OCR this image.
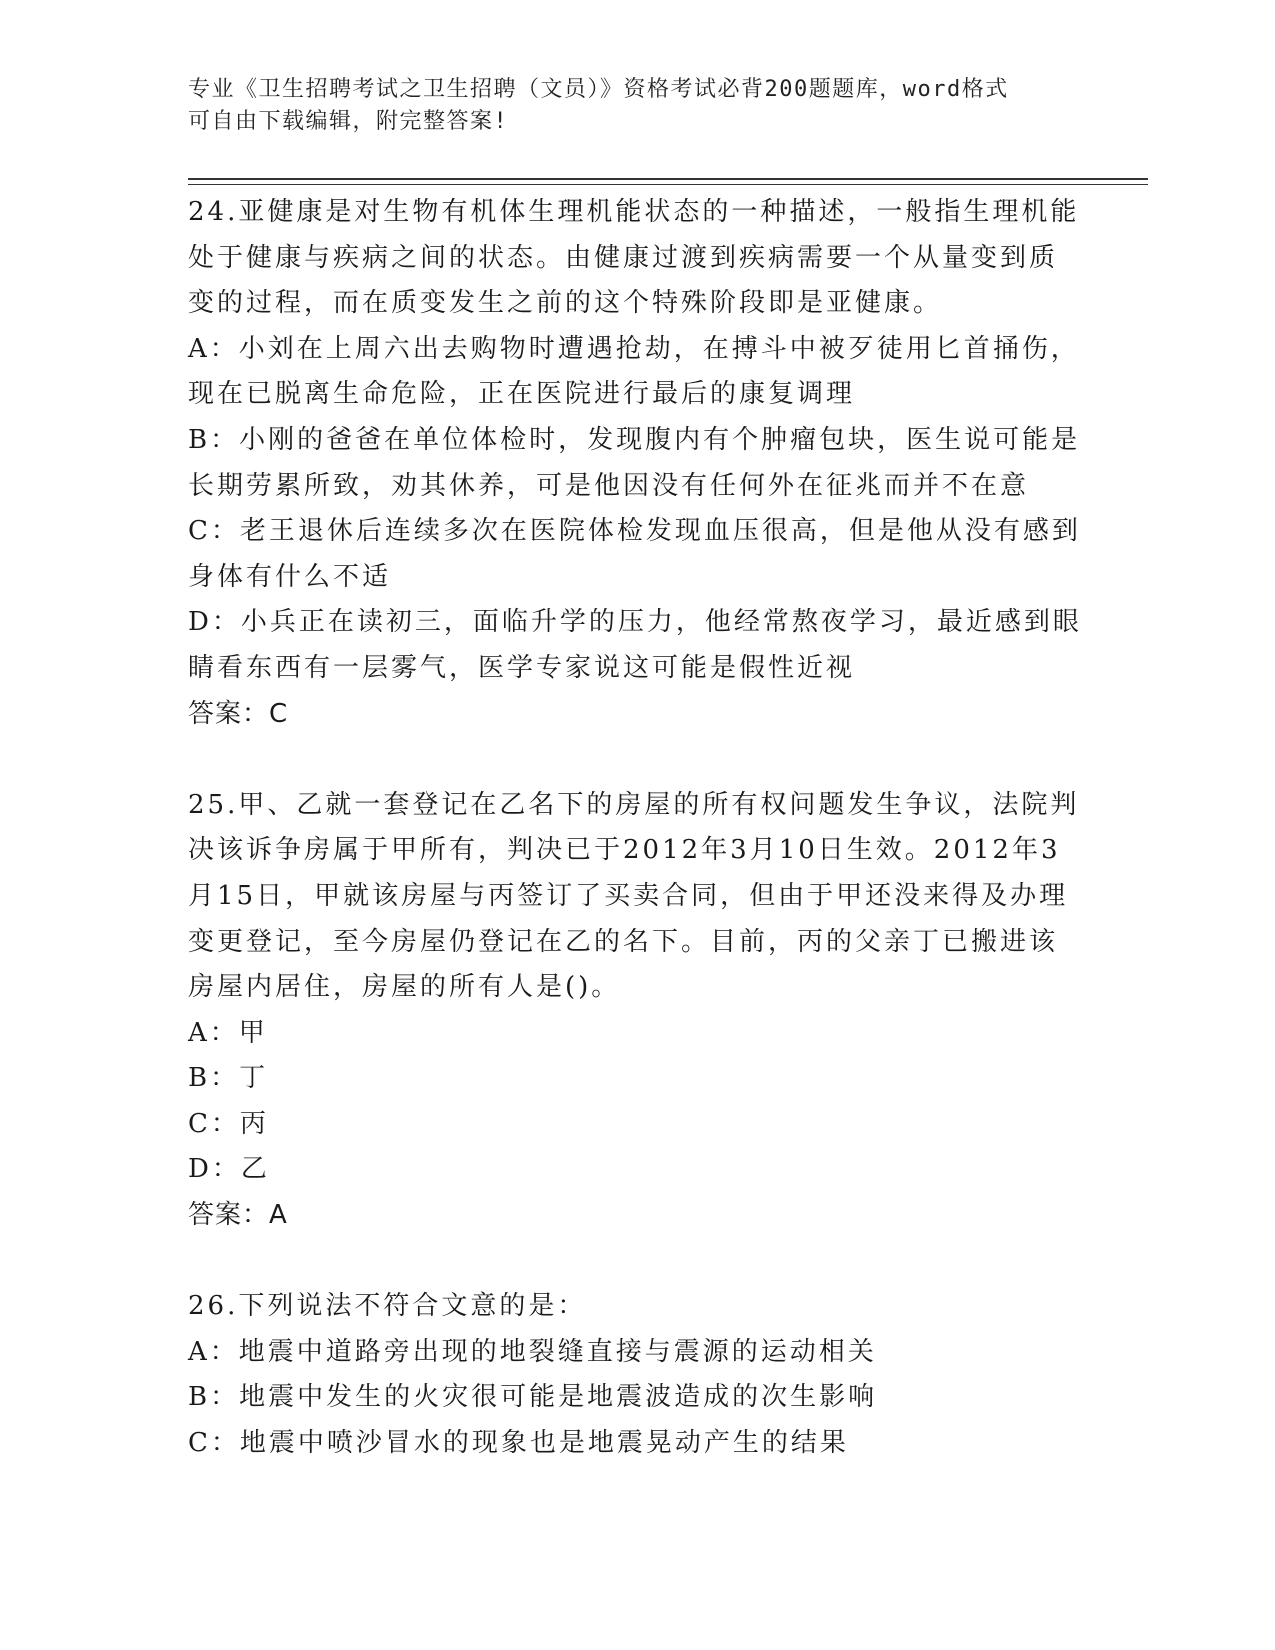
专业《卫生招聘考试之卫生招聘（文员）》资格考试必背200题题库，word格式
可自由下载编辑，附完整答案!
24.亚健康是对生物有机体生理机能状态的一种描述，一般指生理机能
处于健康与疾病之间的状态。由健康过渡到疾病需要一个从量变到质
变的过程，而在质变发生之前的这个特殊阶段即是亚健康。
A：小刘在上周六出去购物时遭遇抢劫，在搏斗中被歹徒用匕首捅伤，
现在已脱离生命危险，正在医院进行最后的康复调理
B：小刚的爸爸在单位体检时，发现腹内有个肿瘤包块，医生说可能是
长期劳累所致，劝其休养，可是他因没有任何外在征兆而并不在意
C：老王退休后连续多次在医院体检发现血压很高，但是他从没有感到
身体有什么不适
D：小兵正在读初三，面临升学的压力，他经常熬夜学习，最近感到眼
睛看东西有一层雾气，医学专家说这可能是假性近视
答案：C
25.甲、乙就一套登记在乙名下的房屋的所有权问题发生争议，法院判
决该诉争房属于甲所有，判决已于2012年3月10日生效。2012年3
月15日，甲就该房屋与丙签订了买卖合同，但由于甲还没来得及办理
变更登记，至今房屋仍登记在乙的名下。目前，丙的父亲丁已搬进该
房屋内居住，房屋的所有人是()。
A：甲
B：丁
C：丙
D：乙
答案：A
26.下列说法不符合文意的是：
A：地震中道路旁出现的地裂缝直接与震源的运动相关
B：地震中发生的火灾很可能是地震波造成的次生影响
C：地震中喷沙冒水的现象也是地震晃动产生的结果
